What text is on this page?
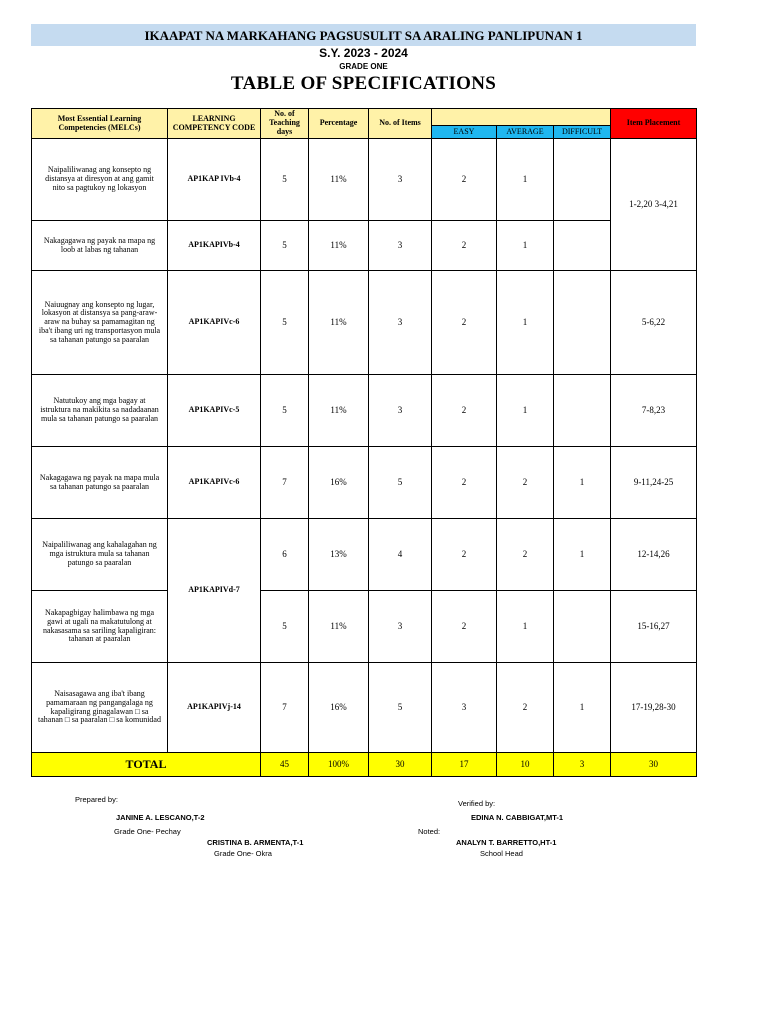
IKAAPAT NA MARKAHANG PAGSUSULIT SA ARALING PANLIPUNAN 1
S.Y. 2023 - 2024
GRADE ONE
TABLE OF SPECIFICATIONS
Most Essential Learning Competencies (MELCs)	LEARNING COMPETENCY CODE	No. of Teaching days	Percentage	No. of Items				Item Placement
					EASY	AVERAGE	DIFFICULT	
Naipaliliwanag ang konsepto ng distansya at diresyon at ang gamit nito sa pagtukoy ng lokasyon	AP1KAP IVb-4	5	11%	3	2	1		1-2,20 3-4,21
Nakagagawa ng payak na mapa ng loob at labas ng tahanan	AP1KAPIVb-4	5	11%	3	2	1		
Naiuugnay ang konsepto ng lugar, lokasyon at distansya sa pang-araw-araw na buhay sa pamamagitan ng iba't ibang uri ng transportasyon mula sa tahanan patungo sa paaralan	AP1KAPIVc-6	5	11%	3	2	1		5-6,22
Natutukoy ang mga bagay at istruktura na makikita sa nadadaanan mula sa tahanan patungo sa paaralan	AP1KAPIVc-5	5	11%	3	2	1		7-8,23
Nakagagawa ng payak na mapa mula sa tahanan patungo sa paaralan	AP1KAPIVc-6	7	16%	5	2	2	1	9-11,24-25
Naipaliliwanag ang kahalagahan ng mga istruktura mula sa tahanan patungo sa paaralan	AP1KAPIVd-7	6	13%	4	2	2	1	12-14,26
Nakapagbigay halimbawa ng mga gawi at ugali na makatutulong at nakasasama sa sariling kapaligiran: tahanan at paaralan		5	11%	3	2	1		15-16,27
Naisasagawa ang iba't ibang pamamaraan ng pangangalaga ng kapaligirang ginagalawan □ sa tahanan □ sa paaralan □ sa komunidad	AP1KAPIVj-14	7	16%	5	3	2	1	17-19,28-30
TOTAL		45	100%	30	17	10	3	30
Prepared by:	Verified by:
JANINE A. LESCANO,T-2	EDINA N. CABBIGAT,MT-1
Grade One- Pechay	Noted:
CRISTINA B. ARMENTA,T-1	ANALYN T. BARRETTO,HT-1
Grade One- Okra	School Head
